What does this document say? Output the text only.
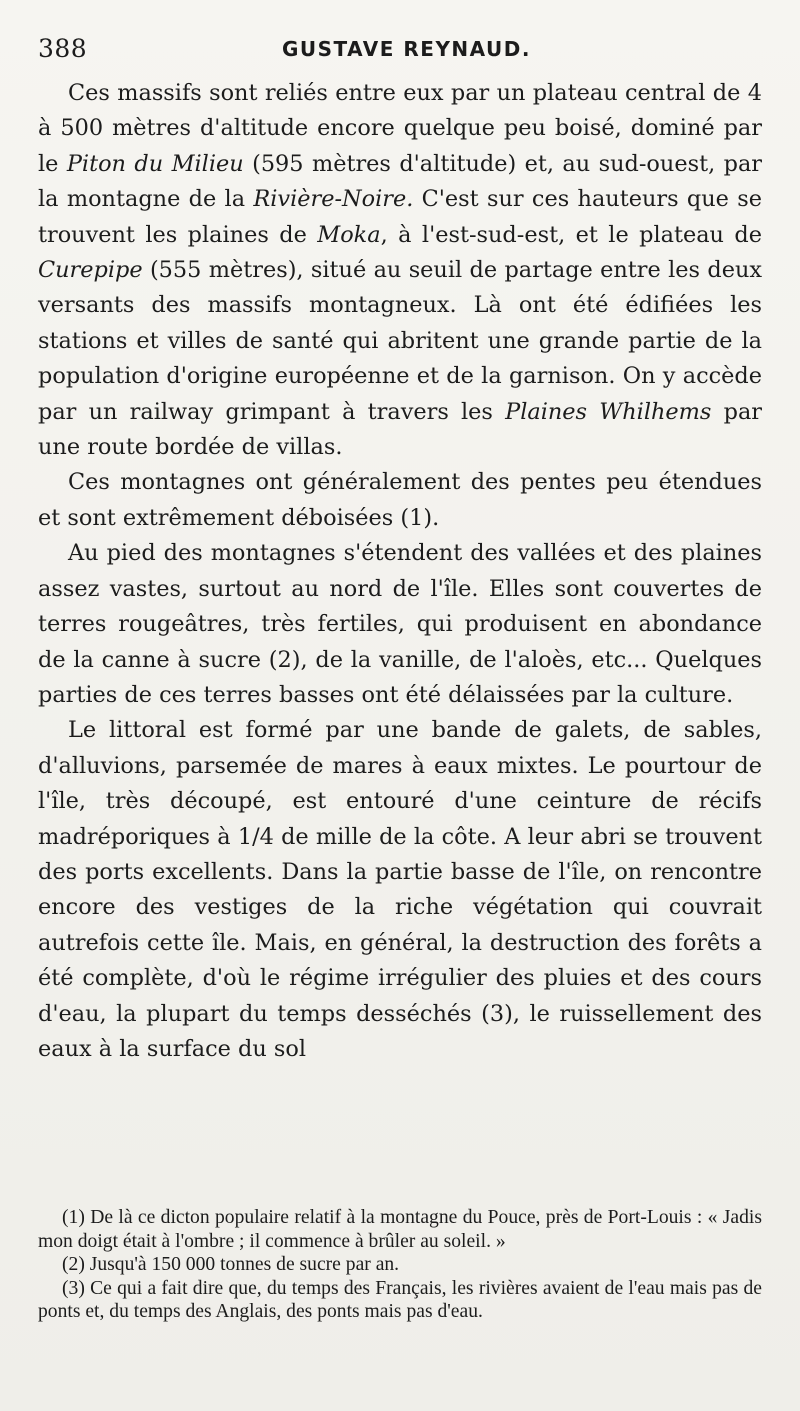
388	GUSTAVE REYNAUD.

Ces massifs sont reliés entre eux par un plateau central de 4 à 500 mètres d'altitude encore quelque peu boisé, dominé par le Piton du Milieu (595 mètres d'altitude) et, au sud-ouest, par la montagne de la Rivière-Noire. C'est sur ces hauteurs que se trouvent les plaines de Moka, à l'est-sud-est, et le plateau de Curepipe (555 mètres), situé au seuil de partage entre les deux versants des massifs montagneux. Là ont été édifiées les stations et villes de santé qui abritent une grande partie de la population d'origine européenne et de la garnison. On y accède par un railway grimpant à travers les Plaines Whilhems par une route bordée de villas.

Ces montagnes ont généralement des pentes peu étendues et sont extrêmement déboisées (1).

Au pied des montagnes s'étendent des vallées et des plaines assez vastes, surtout au nord de l'île. Elles sont couvertes de terres rougeâtres, très fertiles, qui produisent en abondance de la canne à sucre (2), de la vanille, de l'aloès, etc... Quelques parties de ces terres basses ont été délaissées par la culture.

Le littoral est formé par une bande de galets, de sables, d'alluvions, parsemée de mares à eaux mixtes. Le pourtour de l'île, très découpé, est entouré d'une ceinture de récifs madréporiques à 1/4 de mille de la côte. A leur abri se trouvent des ports excellents. Dans la partie basse de l'île, on rencontre encore des vestiges de la riche végétation qui couvrait autrefois cette île. Mais, en général, la destruction des forêts a été complète, d'où le régime irrégulier des pluies et des cours d'eau, la plupart du temps desséchés (3), le ruissellement des eaux à la surface du sol

(1) De là ce dicton populaire relatif à la montagne du Pouce, près de Port-Louis : « Jadis mon doigt était à l'ombre ; il commence à brûler au soleil. »

(2) Jusqu'à 150 000 tonnes de sucre par an.

(3) Ce qui a fait dire que, du temps des Français, les rivières avaient de l'eau mais pas de ponts et, du temps des Anglais, des ponts mais pas d'eau.
